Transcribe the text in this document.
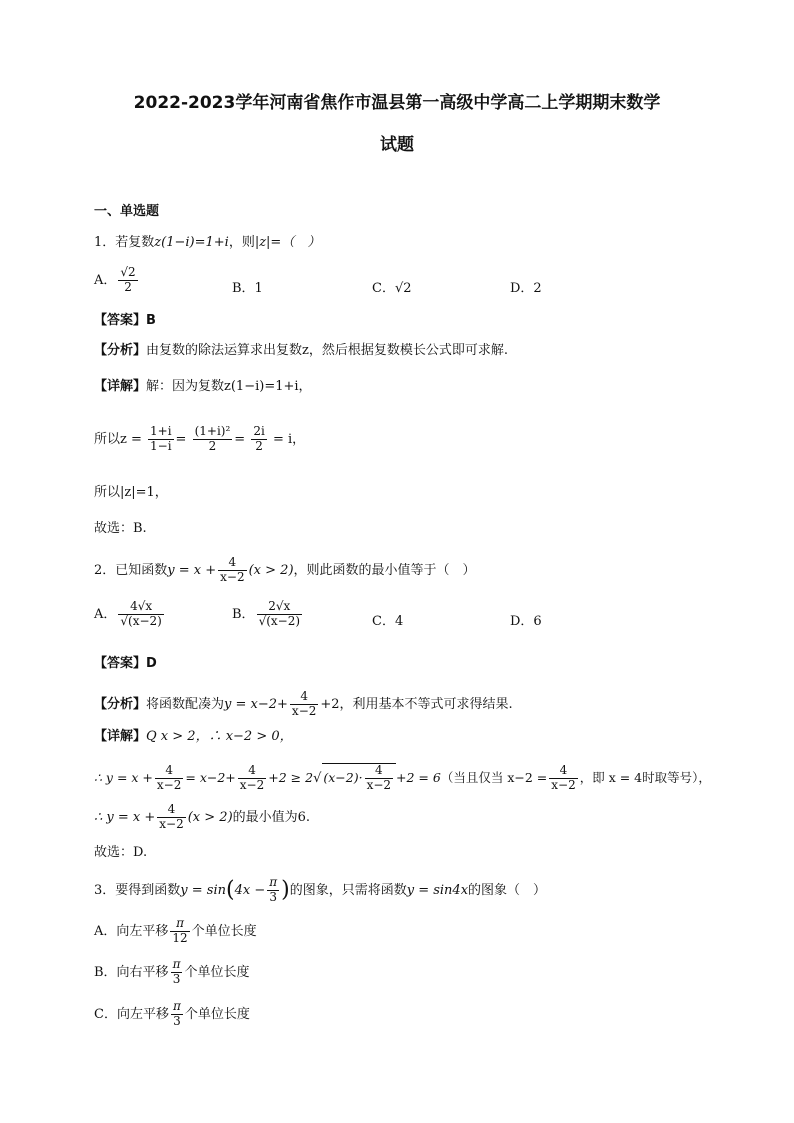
2022-2023学年河南省焦作市温县第一高级中学高二上学期期末数学
试题
一、单选题
1．若复数z(1−i)=1+i，则|z|=（　）
A． $\frac{√2}{2}$	B．1	C．√2	D．2
【答案】B
【分析】由复数的除法运算求出复数z，然后根据复数模长公式即可求解.
【详解】解：因为复数z(1−i)=1+i，
所以$z = \frac{1+i}{1-i} = \frac{\text{(1+i)²}}{2} = \frac{2i}{2} = i$，
所以|z|=1，
故选：B.
2．已知函数$y = x + \frac{4}{x-2} (x > 2)$，则此函数的最小值等于（　）
A． $\frac{4√x}{√(x-2)}$	B． $\frac{2√x}{√(x-2)}$	C．4	D．6
【答案】D
【分析】将函数配凑为$y = x-2+ \frac{4}{x-2} +2$，利用基本不等式可求得结果.
【详解】Q x > 2，∴ x−2 > 0，
∴ $y = x + \frac{4}{x-2} = x-2+ \frac{4}{x-2} +2 \ge 2√$ $(x-2)\cdot \frac{4}{x-2} +2 = 6$（当且仅当 $x-2 = \frac{4}{x-2}$ ，即 x = 4时取等号），
∴ $y = x + \frac{4}{x-2} (x > 2)$的最小值为6.
故选：D.
3．要得到函数$y = \sin(4x - \frac{\pi}{3}$ )的图象，只需将函数y = sin4x的图象（　）
A．向左平移 $\frac{\pi}{12}$ 个单位长度
B．向右平移 $\frac{\pi}{3}$ 个单位长度
C．向左平移 $\frac{\pi}{3}$ 个单位长度
